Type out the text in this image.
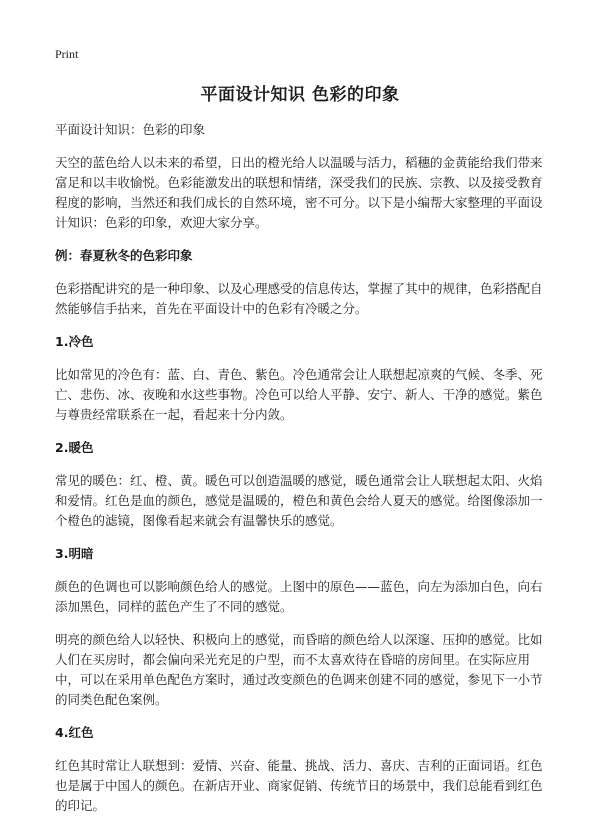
Print
平面设计知识 色彩的印象

平面设计知识：色彩的印象

天空的蓝色给人以未来的希望，日出的橙光给人以温暖与活力，稻穗的金黄能给我们带来富足和以丰收愉悦。色彩能激发出的联想和情绪，深受我们的民族、宗教、以及接受教育程度的影响，当然还和我们成长的自然环境，密不可分。以下是小编帮大家整理的平面设计知识：色彩的印象，欢迎大家分享。

例：春夏秋冬的色彩印象

色彩搭配讲究的是一种印象、以及心理感受的信息传达，掌握了其中的规律，色彩搭配自然能够信手拈来，首先在平面设计中的色彩有冷暖之分。

1.冷色

比如常见的冷色有：蓝、白、青色、紫色。冷色通常会让人联想起凉爽的气候、冬季、死亡、悲伤、冰、夜晚和水这些事物。冷色可以给人平静、安宁、新人、干净的感觉。紫色与尊贵经常联系在一起，看起来十分内敛。

2.暖色

常见的暖色：红、橙、黄。暖色可以创造温暖的感觉，暖色通常会让人联想起太阳、火焰和爱情。红色是血的颜色，感觉是温暖的，橙色和黄色会给人夏天的感觉。给图像添加一个橙色的滤镜，图像看起来就会有温馨快乐的感觉。

3.明暗

颜色的色调也可以影响颜色给人的感觉。上图中的原色——蓝色，向左为添加白色，向右添加黑色，同样的蓝色产生了不同的感觉。

明亮的颜色给人以轻快、积极向上的感觉，而昏暗的颜色给人以深邃、压抑的感觉。比如人们在买房时，都会偏向采光充足的户型，而不太喜欢待在昏暗的房间里。在实际应用中，可以在采用单色配色方案时，通过改变颜色的色调来创建不同的感觉，参见下一小节的同类色配色案例。

4.红色

红色其时常让人联想到：爱情、兴奋、能量、挑战、活力、喜庆、吉利的正面词语。红色也是属于中国人的颜色。在新店开业、商家促销、传统节日的场景中，我们总能看到红色的印记。
